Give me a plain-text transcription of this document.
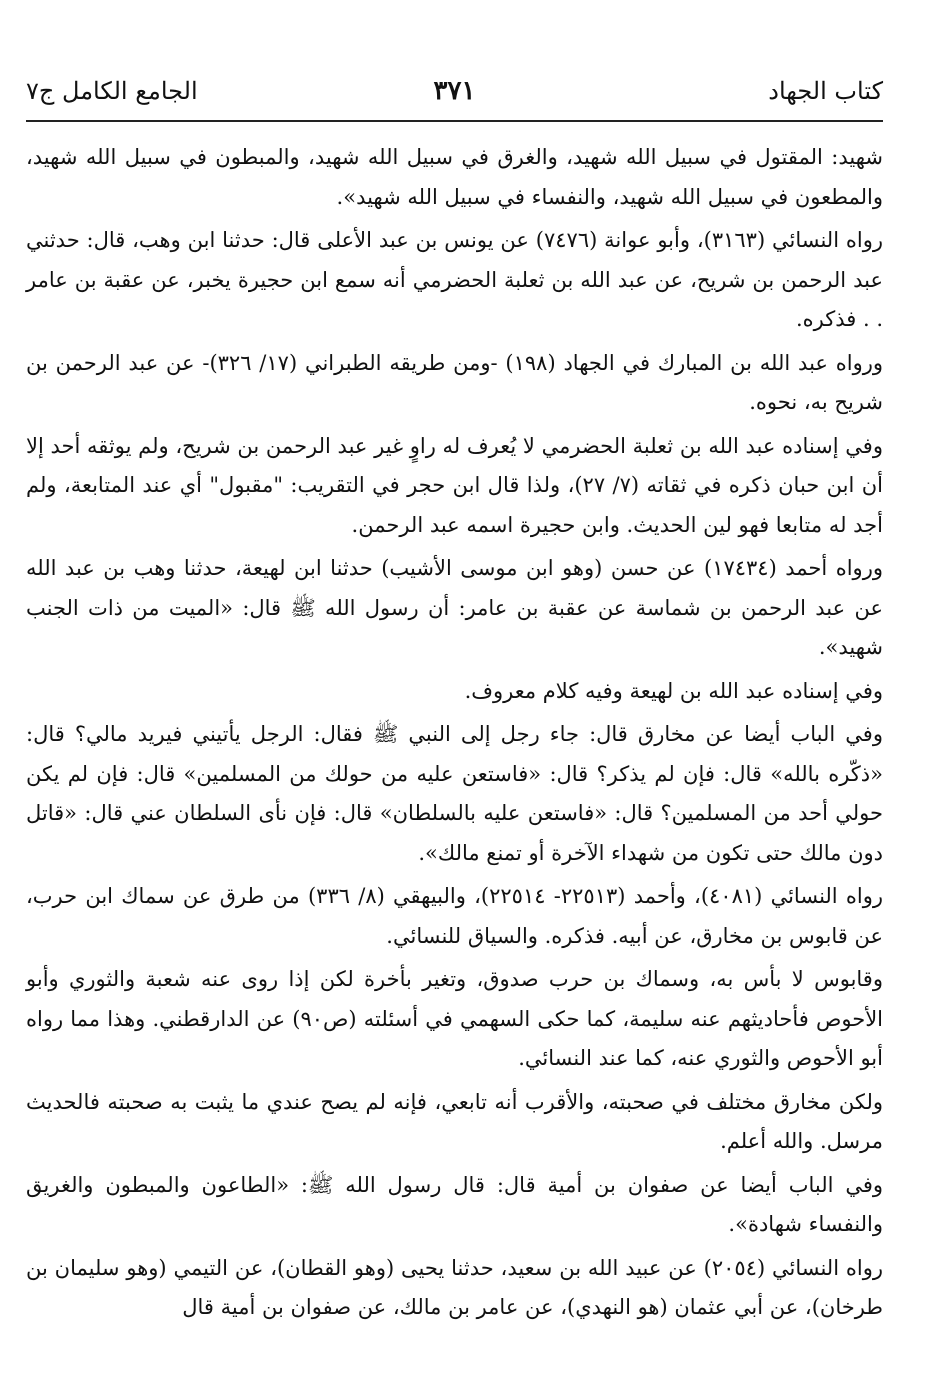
كتاب الجهاد
٣٧١
الجامع الكامل ج٧

شهيد: المقتول في سبيل الله شهيد، والغرق في سبيل الله شهيد، والمبطون في سبيل الله شهيد، والمطعون في سبيل الله شهيد، والنفساء في سبيل الله شهيد».

رواه النسائي (٣١٦٣)، وأبو عوانة (٧٤٧٦) عن يونس بن عبد الأعلى قال: حدثنا ابن وهب، قال: حدثني عبد الرحمن بن شريح، عن عبد الله بن ثعلبة الحضرمي أنه سمع ابن حجيرة يخبر، عن عقبة بن عامر . . فذكره.

ورواه عبد الله بن المبارك في الجهاد (١٩٨) -ومن طريقه الطبراني (١٧/ ٣٢٦)- عن عبد الرحمن بن شريح به، نحوه.

وفي إسناده عبد الله بن ثعلبة الحضرمي لا يُعرف له راوٍ غير عبد الرحمن بن شريح، ولم يوثقه أحد إلا أن ابن حبان ذكره في ثقاته (٧/ ٢٧)، ولذا قال ابن حجر في التقريب: "مقبول" أي عند المتابعة، ولم أجد له متابعا فهو لين الحديث. وابن حجيرة اسمه عبد الرحمن.

ورواه أحمد (١٧٤٣٤) عن حسن (وهو ابن موسى الأشيب) حدثنا ابن لهيعة، حدثنا وهب بن عبد الله عن عبد الرحمن بن شماسة عن عقبة بن عامر: أن رسول الله ﷺ قال: «الميت من ذات الجنب شهيد».

وفي إسناده عبد الله بن لهيعة وفيه كلام معروف.

وفي الباب أيضا عن مخارق قال: جاء رجل إلى النبي ﷺ فقال: الرجل يأتيني فيريد مالي؟ قال: «ذكّره بالله» قال: فإن لم يذكر؟ قال: «فاستعن عليه من حولك من المسلمين» قال: فإن لم يكن حولي أحد من المسلمين؟ قال: «فاستعن عليه بالسلطان» قال: فإن نأى السلطان عني قال: «قاتل دون مالك حتى تكون من شهداء الآخرة أو تمنع مالك».

رواه النسائي (٤٠٨١)، وأحمد (٢٢٥١٣- ٢٢٥١٤)، والبيهقي (٨/ ٣٣٦) من طرق عن سماك ابن حرب، عن قابوس بن مخارق، عن أبيه. فذكره. والسياق للنسائي.

وقابوس لا بأس به، وسماك بن حرب صدوق، وتغير بأخرة لكن إذا روى عنه شعبة والثوري وأبو الأحوص فأحاديثهم عنه سليمة، كما حكى السهمي في أسئلته (ص٩٠) عن الدارقطني. وهذا مما رواه أبو الأحوص والثوري عنه، كما عند النسائي.

ولكن مخارق مختلف في صحبته، والأقرب أنه تابعي، فإنه لم يصح عندي ما يثبت به صحبته فالحديث مرسل. والله أعلم.

وفي الباب أيضا عن صفوان بن أمية قال: قال رسول الله ﷺ: «الطاعون والمبطون والغريق والنفساء شهادة».

رواه النسائي (٢٠٥٤) عن عبيد الله بن سعيد، حدثنا يحيى (وهو القطان)، عن التيمي (وهو سليمان بن طرخان)، عن أبي عثمان (هو النهدي)، عن عامر بن مالك، عن صفوان بن أمية قال
